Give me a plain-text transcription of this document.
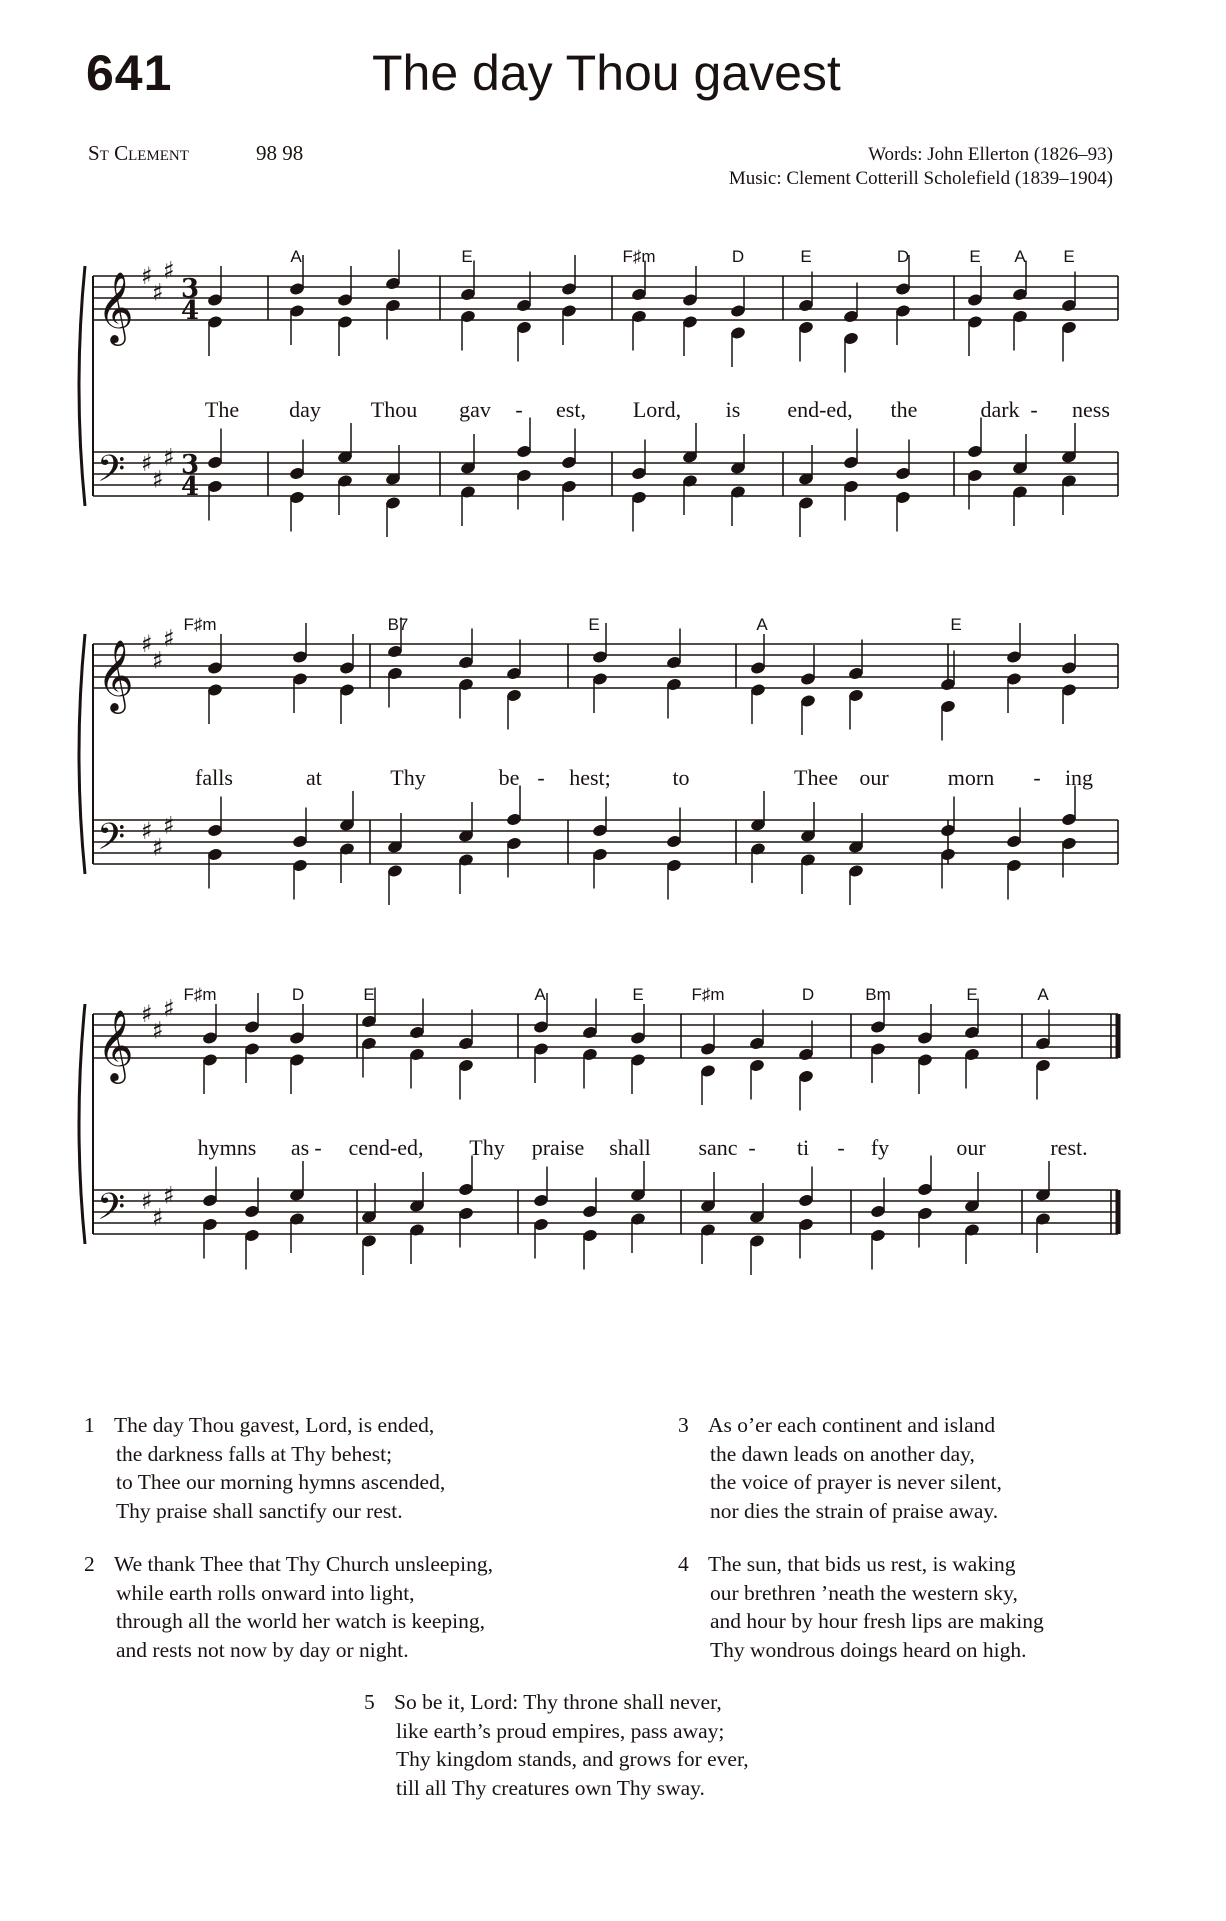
641	The day Thou gavest
St Clement	98 98	Words: John Ellerton (1826–93)
Music: Clement Cotterill Scholefield (1839–1904)
𝄞
𝄢
♯
♯
♯
♯
♯
♯
3
4
3
4
𝄞
𝄢
♯
♯
♯
♯
♯
♯
𝄞
𝄢
♯
♯
♯
♯
♯
♯
A	E	F♯m	D	E	D	E A E
The day Thou gav - est, Lord, is end-ed, the	dark - ness
F♯m	B7	E	A	E
falls	at	Thy	be - hest;	to	Thee our	morn - ing
F♯m	D	E	A	E	F♯m	D	Bm	E	A
hymns as - cend-ed, Thy praise shall sanc - ti - fy	our	rest.
1 The day Thou gavest, Lord, is ended,
the darkness falls at Thy behest;
to Thee our morning hymns ascended,
Thy praise shall sanctify our rest.
2 We thank Thee that Thy Church unsleeping,
while earth rolls onward into light,
through all the world her watch is keeping,
and rests not now by day or night.
3 As o’er each continent and island
the dawn leads on another day,
the voice of prayer is never silent,
nor dies the strain of praise away.
4 The sun, that bids us rest, is waking
our brethren ’neath the western sky,
and hour by hour fresh lips are making
Thy wondrous doings heard on high.
5 So be it, Lord: Thy throne shall never,
like earth’s proud empires, pass away;
Thy kingdom stands, and grows for ever,
till all Thy creatures own Thy sway.
